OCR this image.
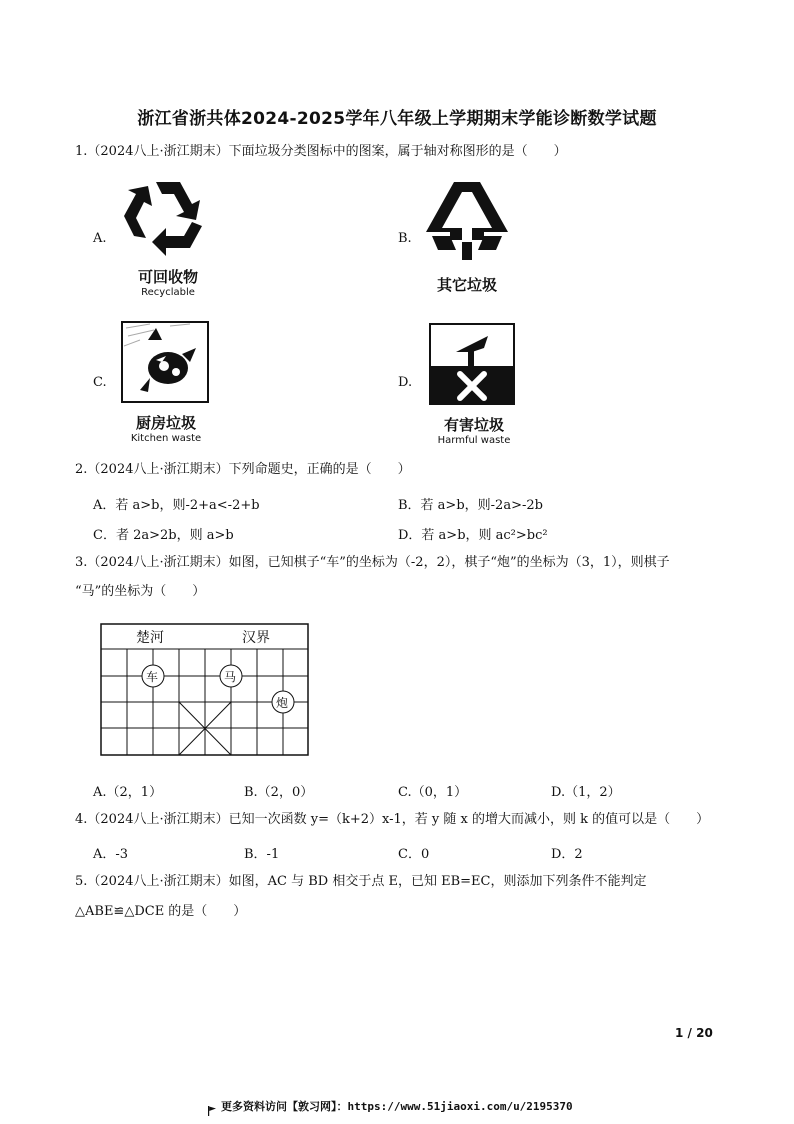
浙江省浙共体2024-2025学年八年级上学期期末学能诊断数学试题
1.（2024八上·浙江期末）下面垃圾分类图标中的图案，属于轴对称图形的是（　　）
A.	B.
C.	D.
可回收物
Recyclable	其它垃圾
厨房垃圾
Kitchen waste
有害垃圾
Harmful waste
2.（2024八上·浙江期末）下列命题史，正确的是（　　）
A．若 a>b，则-2+a<-2+b	B．若 a>b，则-2a>-2b
C．者 2a>2b，则 a>b	D．若 a>b，则 ac²>bc²
3.（2024八上·浙江期末）如图，已知棋子“车”的坐标为（-2，2），棋子“炮”的坐标为（3，1），则棋子
“马”的坐标为（　　）
楚河	汉界
车	马
炮
A.（2，1）	B.（2，0）	C.（0，1）	D.（1，2）
4.（2024八上·浙江期末）已知一次函数 y=（k+2）x-1，若 y 随 x 的增大而减小，则 k 的值可以是（　　）
A．-3	B．-1	C．0	D．2
5.（2024八上·浙江期末）如图，AC 与 BD 相交于点 E，已知 EB=EC，则添加下列条件不能判定
△ABE≌△DCE 的是（　　）
1 / 20
更多资料访问【敦习网】：https://www.51jiaoxi.com/u/2195370
